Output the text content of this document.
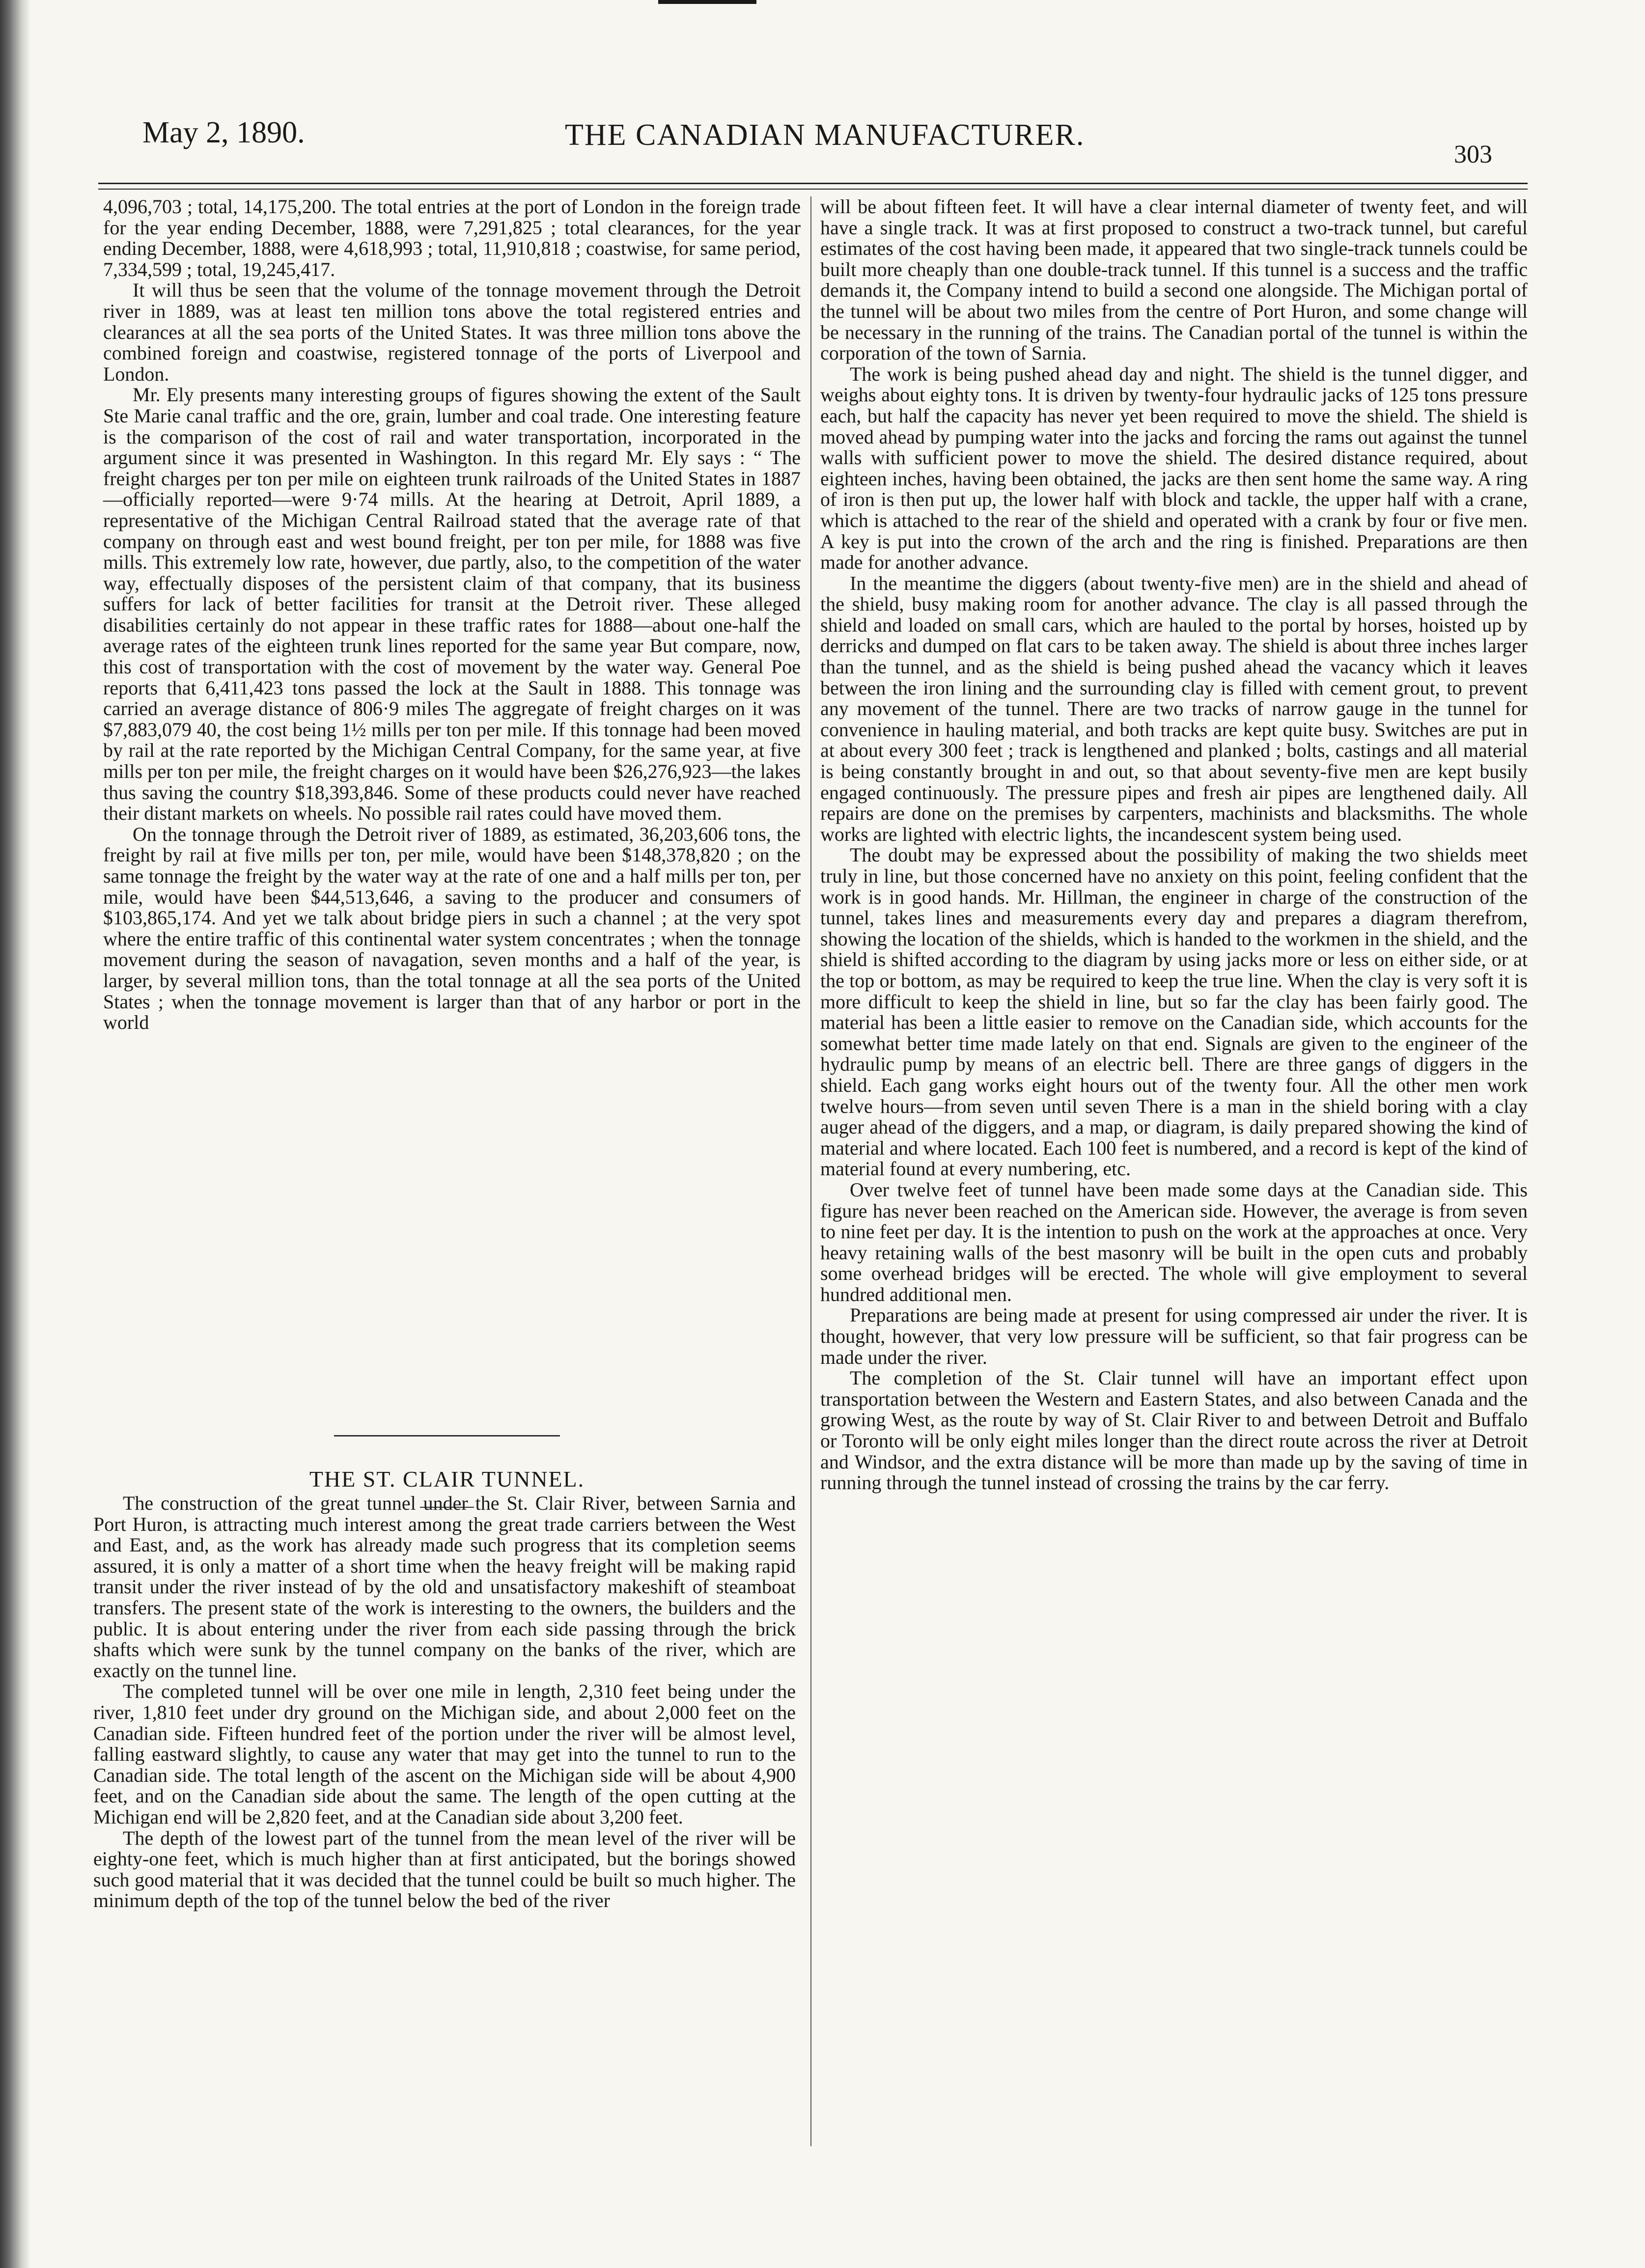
May 2, 1890.	THE CANADIAN MANUFACTURER.
303

4,096,703 ; total, 14,175,200. The total entries at the port of London in the foreign trade for the year ending December, 1888, were 7,291,825 ; total clearances, for the year ending December, 1888, were 4,618,993 ; total, 11,910,818 ; coastwise, for same period, 7,334,599 ; total, 19,245,417.

It will thus be seen that the volume of the tonnage movement through the Detroit river in 1889, was at least ten million tons above the total registered entries and clearances at all the sea ports of the United States. It was three million tons above the combined foreign and coastwise, registered tonnage of the ports of Liverpool and London.

Mr. Ely presents many interesting groups of figures showing the extent of the Sault Ste Marie canal traffic and the ore, grain, lumber and coal trade. One interesting feature is the comparison of the cost of rail and water transportation, incorporated in the argument since it was presented in Washington. In this regard Mr. Ely says : “ The freight charges per ton per mile on eighteen trunk railroads of the United States in 1887—officially reported—were 9·74 mills. At the hearing at Detroit, April 1889, a representative of the Michigan Central Railroad stated that the average rate of that company on through east and west bound freight, per ton per mile, for 1888 was five mills. This extremely low rate, however, due partly, also, to the competition of the water way, effectually disposes of the persistent claim of that company, that its business suffers for lack of better facilities for transit at the Detroit river. These alleged disabilities certainly do not appear in these traffic rates for 1888—about one-half the average rates of the eighteen trunk lines reported for the same year But compare, now, this cost of transportation with the cost of movement by the water way. General Poe reports that 6,411,423 tons passed the lock at the Sault in 1888. This tonnage was carried an average distance of 806·9 miles The aggregate of freight charges on it was $7,883,079 40, the cost being 1½ mills per ton per mile. If this tonnage had been moved by rail at the rate reported by the Michigan Central Company, for the same year, at five mills per ton per mile, the freight charges on it would have been $26,276,923—the lakes thus saving the country $18,393,846. Some of these products could never have reached their distant markets on wheels. No possible rail rates could have moved them.

On the tonnage through the Detroit river of 1889, as estimated, 36,203,606 tons, the freight by rail at five mills per ton, per mile, would have been $148,378,820 ; on the same tonnage the freight by the water way at the rate of one and a half mills per ton, per mile, would have been $44,513,646, a saving to the producer and consumers of $103,865,174. And yet we talk about bridge piers in such a channel ; at the very spot where the entire traffic of this continental water system concentrates ; when the tonnage movement during the season of navagation, seven months and a half of the year, is larger, by several million tons, than the total tonnage at all the sea ports of the United States ; when the tonnage movement is larger than that of any harbor or port in the world

THE ST. CLAIR TUNNEL.

The construction of the great tunnel under the St. Clair River, between Sarnia and Port Huron, is attracting much interest among the great trade carriers between the West and East, and, as the work has already made such progress that its completion seems assured, it is only a matter of a short time when the heavy freight will be making rapid transit under the river instead of by the old and unsatisfactory makeshift of steamboat transfers. The present state of the work is interesting to the owners, the builders and the public. It is about entering under the river from each side passing through the brick shafts which were sunk by the tunnel company on the banks of the river, which are exactly on the tunnel line.

The completed tunnel will be over one mile in length, 2,310 feet being under the river, 1,810 feet under dry ground on the Michigan side, and about 2,000 feet on the Canadian side. Fifteen hundred feet of the portion under the river will be almost level, falling eastward slightly, to cause any water that may get into the tunnel to run to the Canadian side. The total length of the ascent on the Michigan side will be about 4,900 feet, and on the Canadian side about the same. The length of the open cutting at the Michigan end will be 2,820 feet, and at the Canadian side about 3,200 feet.

The depth of the lowest part of the tunnel from the mean level of the river will be eighty-one feet, which is much higher than at first anticipated, but the borings showed such good material that it was decided that the tunnel could be built so much higher. The minimum depth of the top of the tunnel below the bed of the river

will be about fifteen feet. It will have a clear internal diameter of twenty feet, and will have a single track. It was at first proposed to construct a two-track tunnel, but careful estimates of the cost having been made, it appeared that two single-track tunnels could be built more cheaply than one double-track tunnel. If this tunnel is a success and the traffic demands it, the Company intend to build a second one alongside. The Michigan portal of the tunnel will be about two miles from the centre of Port Huron, and some change will be necessary in the running of the trains. The Canadian portal of the tunnel is within the corporation of the town of Sarnia.

The work is being pushed ahead day and night. The shield is the tunnel digger, and weighs about eighty tons. It is driven by twenty-four hydraulic jacks of 125 tons pressure each, but half the capacity has never yet been required to move the shield. The shield is moved ahead by pumping water into the jacks and forcing the rams out against the tunnel walls with sufficient power to move the shield. The desired distance required, about eighteen inches, having been obtained, the jacks are then sent home the same way. A ring of iron is then put up, the lower half with block and tackle, the upper half with a crane, which is attached to the rear of the shield and operated with a crank by four or five men. A key is put into the crown of the arch and the ring is finished. Preparations are then made for another advance.

In the meantime the diggers (about twenty-five men) are in the shield and ahead of the shield, busy making room for another advance. The clay is all passed through the shield and loaded on small cars, which are hauled to the portal by horses, hoisted up by derricks and dumped on flat cars to be taken away. The shield is about three inches larger than the tunnel, and as the shield is being pushed ahead the vacancy which it leaves between the iron lining and the surrounding clay is filled with cement grout, to prevent any movement of the tunnel. There are two tracks of narrow gauge in the tunnel for convenience in hauling material, and both tracks are kept quite busy. Switches are put in at about every 300 feet ; track is lengthened and planked ; bolts, castings and all material is being constantly brought in and out, so that about seventy-five men are kept busily engaged continuously. The pressure pipes and fresh air pipes are lengthened daily. All repairs are done on the premises by carpenters, machinists and blacksmiths. The whole works are lighted with electric lights, the incandescent system being used.

The doubt may be expressed about the possibility of making the two shields meet truly in line, but those concerned have no anxiety on this point, feeling confident that the work is in good hands. Mr. Hillman, the engineer in charge of the construction of the tunnel, takes lines and measurements every day and prepares a diagram therefrom, showing the location of the shields, which is handed to the workmen in the shield, and the shield is shifted according to the diagram by using jacks more or less on either side, or at the top or bottom, as may be required to keep the true line. When the clay is very soft it is more difficult to keep the shield in line, but so far the clay has been fairly good. The material has been a little easier to remove on the Canadian side, which accounts for the somewhat better time made lately on that end. Signals are given to the engineer of the hydraulic pump by means of an electric bell. There are three gangs of diggers in the shield. Each gang works eight hours out of the twenty four. All the other men work twelve hours—from seven until seven There is a man in the shield boring with a clay auger ahead of the diggers, and a map, or diagram, is daily prepared showing the kind of material and where located. Each 100 feet is numbered, and a record is kept of the kind of material found at every numbering, etc.

Over twelve feet of tunnel have been made some days at the Canadian side. This figure has never been reached on the American side. However, the average is from seven to nine feet per day. It is the intention to push on the work at the approaches at once. Very heavy retaining walls of the best masonry will be built in the open cuts and probably some overhead bridges will be erected. The whole will give employment to several hundred additional men.

Preparations are being made at present for using compressed air under the river. It is thought, however, that very low pressure will be sufficient, so that fair progress can be made under the river.

The completion of the St. Clair tunnel will have an important effect upon transportation between the Western and Eastern States, and also between Canada and the growing West, as the route by way of St. Clair River to and between Detroit and Buffalo or Toronto will be only eight miles longer than the direct route across the river at Detroit and Windsor, and the extra distance will be more than made up by the saving of time in running through the tunnel instead of crossing the trains by the car ferry.
